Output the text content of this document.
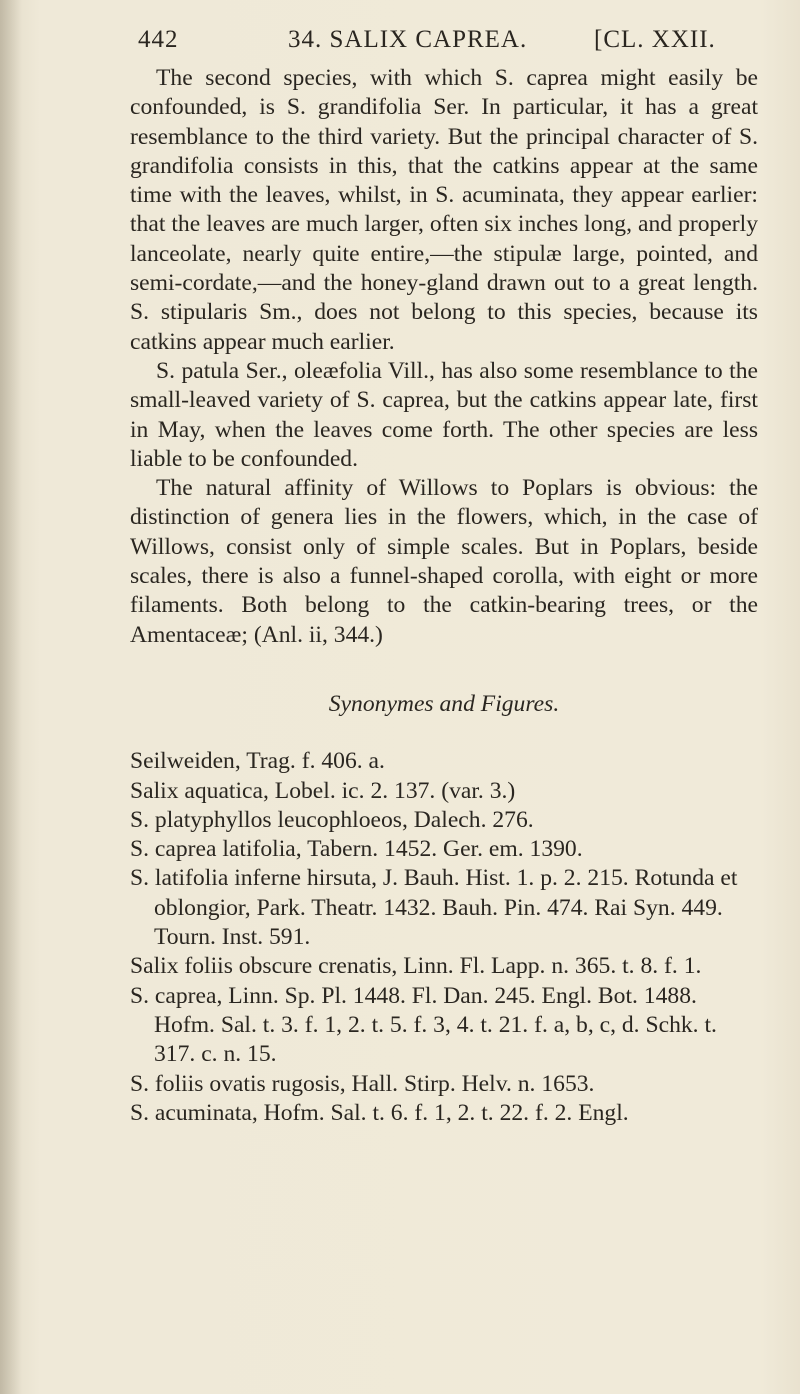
442	34. SALIX CAPREA.	[CL. XXII.

The second species, with which S. caprea might easily be confounded, is S. grandifolia Ser. In particular, it has a great resemblance to the third variety. But the principal character of S. grandifolia consists in this, that the catkins appear at the same time with the leaves, whilst, in S. acuminata, they appear earlier: that the leaves are much larger, often six inches long, and properly lanceolate, nearly quite entire,—the stipulæ large, pointed, and semi-cordate,—and the honey-gland drawn out to a great length. S. stipularis Sm., does not belong to this species, because its catkins appear much earlier.

S. patula Ser., oleæfolia Vill., has also some resemblance to the small-leaved variety of S. caprea, but the catkins appear late, first in May, when the leaves come forth. The other species are less liable to be confounded.

The natural affinity of Willows to Poplars is obvious: the distinction of genera lies in the flowers, which, in the case of Willows, consist only of simple scales. But in Poplars, beside scales, there is also a funnel-shaped corolla, with eight or more filaments. Both belong to the catkin-bearing trees, or the Amentaceæ; (Anl. ii, 344.)

Synonymes and Figures.
Seilweiden, Trag. f. 406. a.
Salix aquatica, Lobel. ic. 2. 137. (var. 3.)
S. platyphyllos leucophloeos, Dalech. 276.
S. caprea latifolia, Tabern. 1452. Ger. em. 1390.
S. latifolia inferne hirsuta, J. Bauh. Hist. 1. p. 2. 215. Rotunda et oblongior, Park. Theatr. 1432. Bauh. Pin. 474. Rai Syn. 449. Tourn. Inst. 591.
Salix foliis obscure crenatis, Linn. Fl. Lapp. n. 365. t. 8. f. 1.
S. caprea, Linn. Sp. Pl. 1448. Fl. Dan. 245. Engl. Bot. 1488. Hofm. Sal. t. 3. f. 1, 2. t. 5. f. 3, 4. t. 21. f. a, b, c, d. Schk. t. 317. c. n. 15.
S. foliis ovatis rugosis, Hall. Stirp. Helv. n. 1653.
S. acuminata, Hofm. Sal. t. 6. f. 1, 2. t. 22. f. 2. Engl.
